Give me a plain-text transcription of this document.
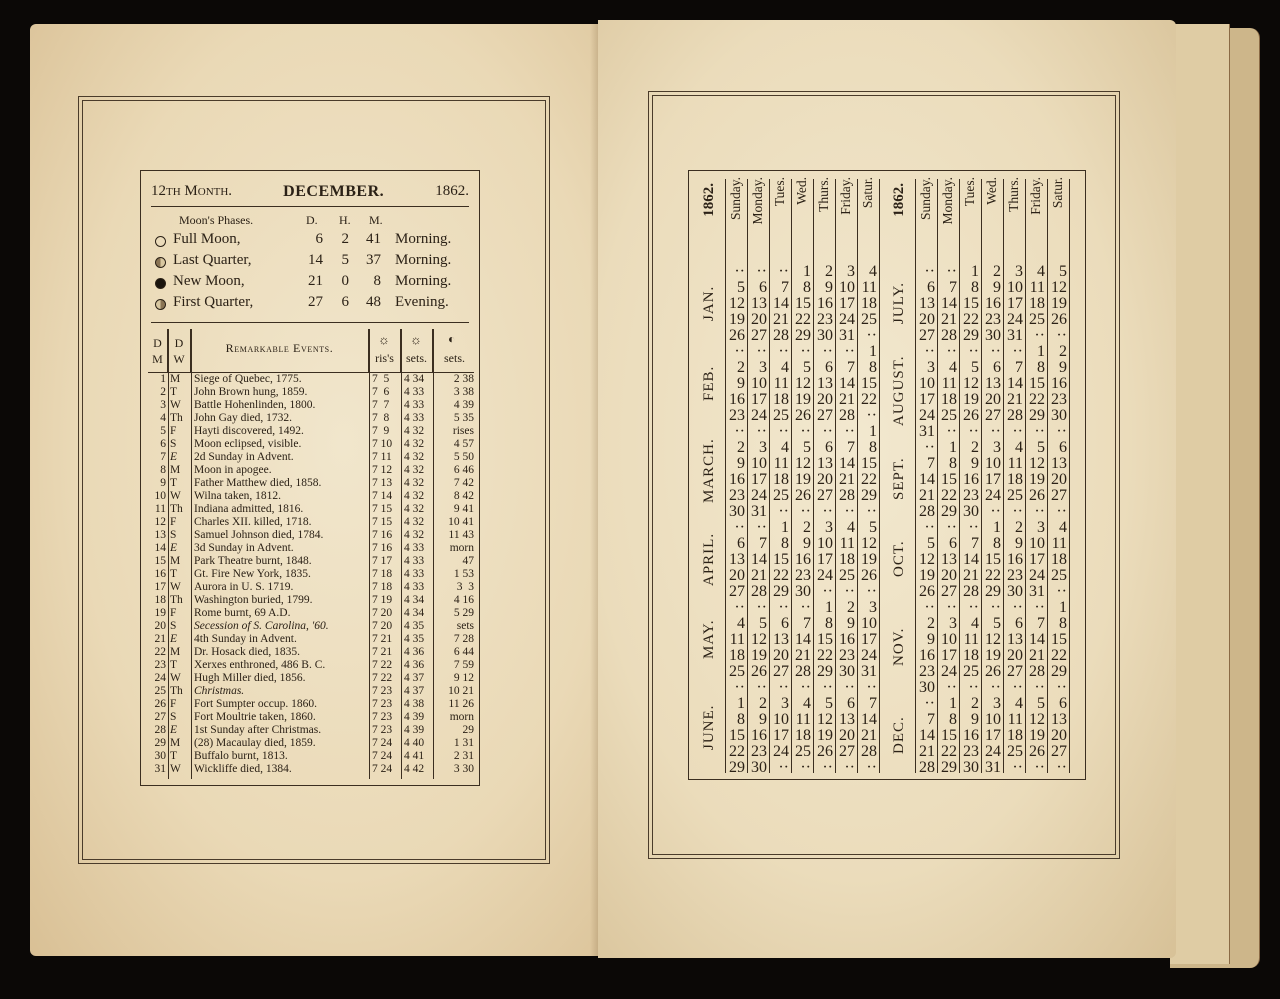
12th Month.	DECEMBER.	1862.
Moon's Phases.	D. H. M.
Full Moon,	6	2	41 Morning.
Last Quarter,	14	5	37 Morning.
New Moon,	21	0	8 Morning.
First Quarter,	27	6	48 Evening.
D M
D W
Remarkable Events.
ris's	sets.	sets.
☼ ☼ ◐
1 M Siege of Quebec, 1775.	7  5	4 34	2 38
2 T John Brown hung, 1859.	7  6	4 33	3 38
3 W Battle Hohenlinden, 1800.	7  7	4 33	4 39
4 Th John Gay died, 1732.	7  8	4 33	5 35
5 F Hayti discovered, 1492.	7  9	4 32	rises
6 S Moon eclipsed, visible.	7 10	4 32	4 57
7 E 2d Sunday in Advent.	7 11	4 32	5 50
8 M Moon in apogee.	7 12	4 32	6 46
9 T Father Matthew died, 1858.	7 13	4 32	7 42
10 W Wilna taken, 1812.	7 14	4 32	8 42
11 Th Indiana admitted, 1816.	7 15	4 32	9 41
12 F Charles XII. killed, 1718.	7 15	4 32	10 41
13 S Samuel Johnson died, 1784.	7 16	4 32	11 43
14 E 3d Sunday in Advent.	7 16	4 33	morn
15 M Park Theatre burnt, 1848.	7 17	4 33	47
16 T Gt. Fire New York, 1835.	7 18	4 33	1 53
17 W Aurora in U. S. 1719.	7 18	4 33	3  3
18 Th Washington buried, 1799.	7 19	4 34	4 16
19 F Rome burnt, 69 A.D.	7 20	4 34	5 29
20 S Secession of S. Carolina, '60.	7 20	4 35	sets
21 E 4th Sunday in Advent.	7 21	4 35	7 28
22 M Dr. Hosack died, 1835.	7 21	4 36	6 44
23 T Xerxes enthroned, 486 B. C.	7 22	4 36	7 59
24 W Hugh Miller died, 1856.	7 22	4 37	9 12
25 Th Christmas.	7 23	4 37	10 21
26 F Fort Sumpter occup. 1860.	7 23	4 38	11 26
27 S Fort Moultrie taken, 1860.	7 23	4 39	morn
28 E 1st Sunday after Christmas.	7 23	4 39	29
29 M (28) Macaulay died, 1859.	7 24	4 40	1 31
30 T Buffalo burnt, 1813.	7 24	4 41	2 31
31 W Wickliffe died, 1384.	7 24	4 42	3 30
1862. Sunday. Monday. Tues. Wed. Thurs. Friday. Satur.
JAN.
·· ·· ·· 1 2 3 4
5 6 7 8 9 10 11
12 13 14 15 16 17 18
19 20 21 22 23 24 25
26 27 28 29 30 31 ··
FEB.
·· ·· ·· ·· ·· ·· 1
2 3 4 5 6 7 8
9 10 11 12 13 14 15
16 17 18 19 20 21 22
23 24 25 26 27 28 ··
MARCH.
·· ·· ·· ·· ·· ·· 1
2 3 4 5 6 7 8
9 10 11 12 13 14 15
16 17 18 19 20 21 22
23 24 25 26 27 28 29
30 31 ·· ·· ·· ·· ··
APRIL.
·· ·· 1 2 3 4 5
6 7 8 9 10 11 12
13 14 15 16 17 18 19
20 21 22 23 24 25 26
27 28 29 30 ·· ·· ··
MAY.
·· ·· ·· ·· 1 2 3
4 5 6 7 8 9 10
11 12 13 14 15 16 17
18 19 20 21 22 23 24
25 26 27 28 29 30 31
JUNE.
·· ·· ·· ·· ·· ·· ··
1 2 3 4 5 6 7
8 9 10 11 12 13 14
15 16 17 18 19 20 21
22 23 24 25 26 27 28
29 30 ·· ·· ·· ·· ··
1862. Sunday. Monday. Tues. Wed. Thurs. Friday. Satur.
JULY.
·· ·· 1 2 3 4 5
6 7 8 9 10 11 12
13 14 15 16 17 18 19
20 21 22 23 24 25 26
27 28 29 30 31 ·· ··
AUGUST.
·· ·· ·· ·· ·· 1 2
3 4 5 6 7 8 9
10 11 12 13 14 15 16
17 18 19 20 21 22 23
24 25 26 27 28 29 30
31 ·· ·· ·· ·· ·· ··
SEPT.
·· 1 2 3 4 5 6
7 8 9 10 11 12 13
14 15 16 17 18 19 20
21 22 23 24 25 26 27
28 29 30 ·· ·· ·· ··
OCT.
·· ·· ·· 1 2 3 4
5 6 7 8 9 10 11
12 13 14 15 16 17 18
19 20 21 22 23 24 25
26 27 28 29 30 31 ··
NOV.
·· ·· ·· ·· ·· ·· 1
2 3 4 5 6 7 8
9 10 11 12 13 14 15
16 17 18 19 20 21 22
23 24 25 26 27 28 29
30 ·· ·· ·· ·· ·· ··
DEC.
·· 1 2 3 4 5 6
7 8 9 10 11 12 13
14 15 16 17 18 19 20
21 22 23 24 25 26 27
28 29 30 31 ·· ·· ··
